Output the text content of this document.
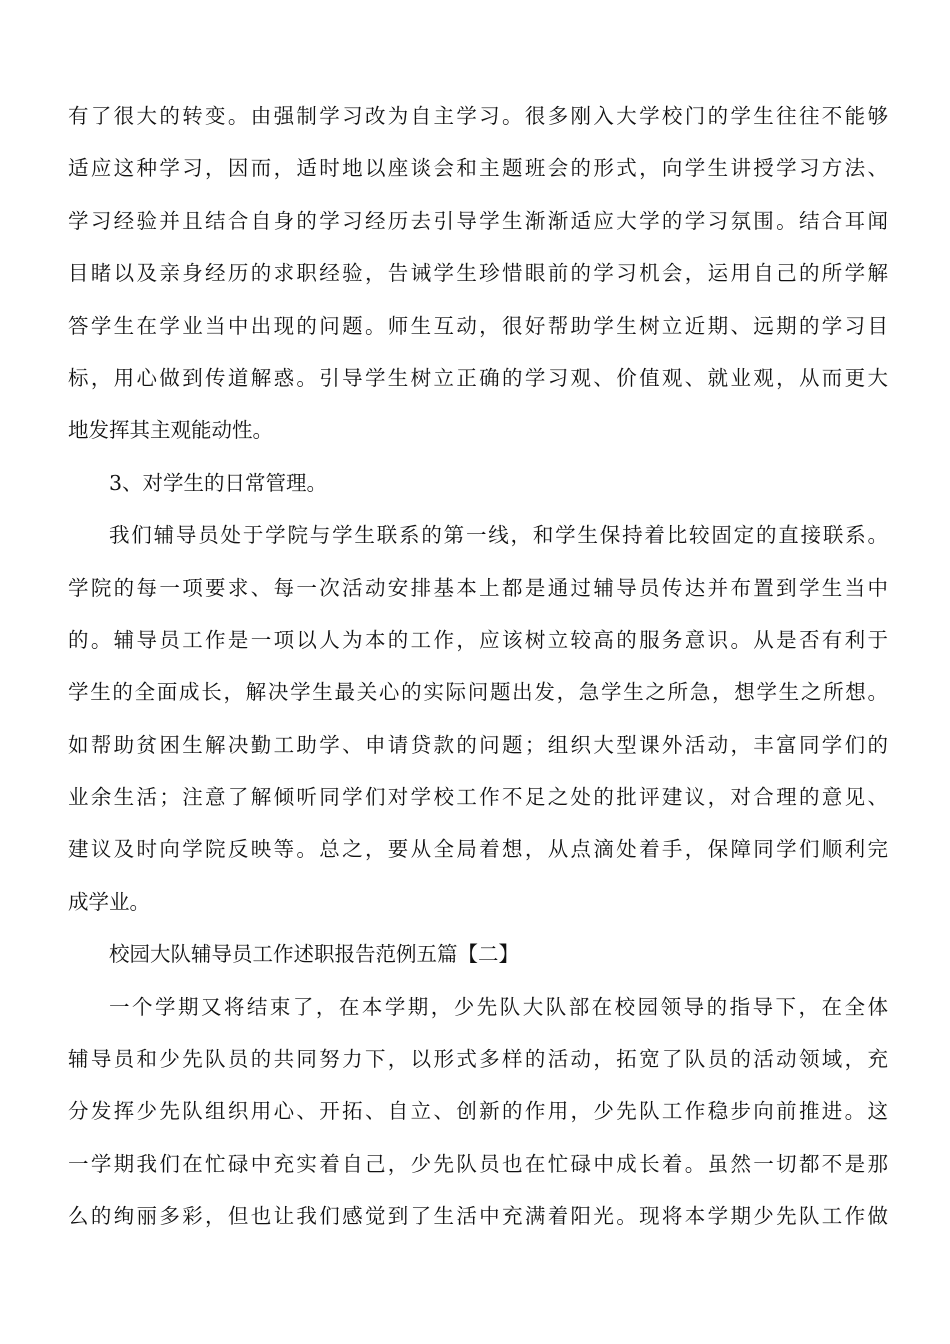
有了很大的转变。由强制学习改为自主学习。很多刚入大学校门的学生往往不能够
适应这种学习，因而，适时地以座谈会和主题班会的形式，向学生讲授学习方法、
学习经验并且结合自身的学习经历去引导学生渐渐适应大学的学习氛围。结合耳闻
目睹以及亲身经历的求职经验，告诫学生珍惜眼前的学习机会，运用自己的所学解
答学生在学业当中出现的问题。师生互动，很好帮助学生树立近期、远期的学习目
标，用心做到传道解惑。引导学生树立正确的学习观、价值观、就业观，从而更大
地发挥其主观能动性。
3、对学生的日常管理。
我们辅导员处于学院与学生联系的第一线，和学生保持着比较固定的直接联系。
学院的每一项要求、每一次活动安排基本上都是通过辅导员传达并布置到学生当中
的。辅导员工作是一项以人为本的工作，应该树立较高的服务意识。从是否有利于
学生的全面成长，解决学生最关心的实际问题出发，急学生之所急，想学生之所想。
如帮助贫困生解决勤工助学、申请贷款的问题；组织大型课外活动，丰富同学们的
业余生活；注意了解倾听同学们对学校工作不足之处的批评建议，对合理的意见、
建议及时向学院反映等。总之，要从全局着想，从点滴处着手，保障同学们顺利完
成学业。
校园大队辅导员工作述职报告范例五篇【二】
一个学期又将结束了，在本学期，少先队大队部在校园领导的指导下，在全体
辅导员和少先队员的共同努力下，以形式多样的活动，拓宽了队员的活动领域，充
分发挥少先队组织用心、开拓、自立、创新的作用，少先队工作稳步向前推进。这
一学期我们在忙碌中充实着自己，少先队员也在忙碌中成长着。虽然一切都不是那
么的绚丽多彩，但也让我们感觉到了生活中充满着阳光。现将本学期少先队工作做
